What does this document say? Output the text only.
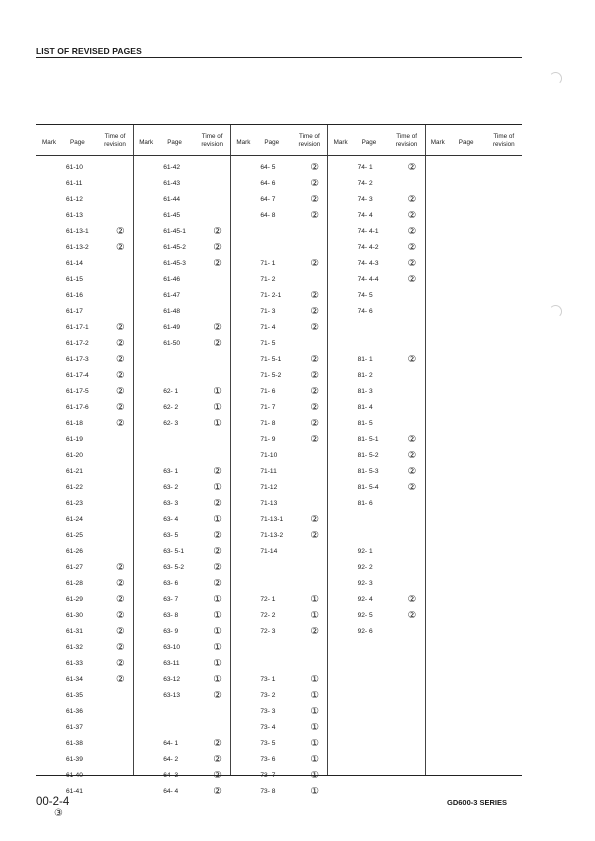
LIST OF REVISED PAGES
Mark Page
Time of revision
61-10
61-11
61-12
61-13
61-13-1	②
61-13-2	②
61-14
61-15
61-16
61-17
61-17-1	②
61-17-2	②
61-17-3	②
61-17-4	②
61-17-5	②
61-17-6	②
61-18	②
61-19
61-20
61-21
61-22
61-23
61-24
61-25
61-26
61-27	②
61-28	②
61-29	②
61-30	②
61-31	②
61-32	②
61-33	②
61-34	②
61-35
61-36
61-37
61-38
61-39
61-40
61-41
Mark Page
Time of revision
61-42
61-43
61-44
61-45
61-45-1	②
61-45-2	②
61-45-3	②
61-46
61-47
61-48
61-49	②
61-50	②
62- 1	①
62- 2	①
62- 3	①
63- 1	②
63- 2	①
63- 3	②
63- 4	①
63- 5	②
63- 5-1	②
63- 5-2	②
63- 6	②
63- 7	①
63- 8	①
63- 9	①
63-10	①
63-11	①
63-12	①
63-13	②
64- 1	②
64- 2	②
64- 3	②
64- 4	②
Mark Page
Time of revision
64- 5	②
64- 6	②
64- 7	②
64- 8	②
71- 1	②
71- 2
71- 2-1	②
71- 3	②
71- 4	②
71- 5
71- 5-1	②
71- 5-2	②
71- 6	②
71- 7	②
71- 8	②
71- 9	②
71-10
71-11
71-12
71-13
71-13-1	②
71-13-2	②
71-14
72- 1	①
72- 2	①
72- 3	②
73- 1	①
73- 2	①
73- 3	①
73- 4	①
73- 5	①
73- 6	①
73- 7	①
73- 8	①
Mark Page
Time of revision
74- 1	②
74- 2
74- 3	②
74- 4	②
74- 4-1	②
74- 4-2	②
74- 4-3	②
74- 4-4	②
74- 5
74- 6
81- 1	②
81- 2
81- 3
81- 4
81- 5
81- 5-1	②
81- 5-2	②
81- 5-3	②
81- 5-4	②
81- 6
92- 1
92- 2
92- 3
92- 4	②
92- 5	②
92- 6
Mark Page
Time of revision
00-2-4
③
GD600-3 SERIES
